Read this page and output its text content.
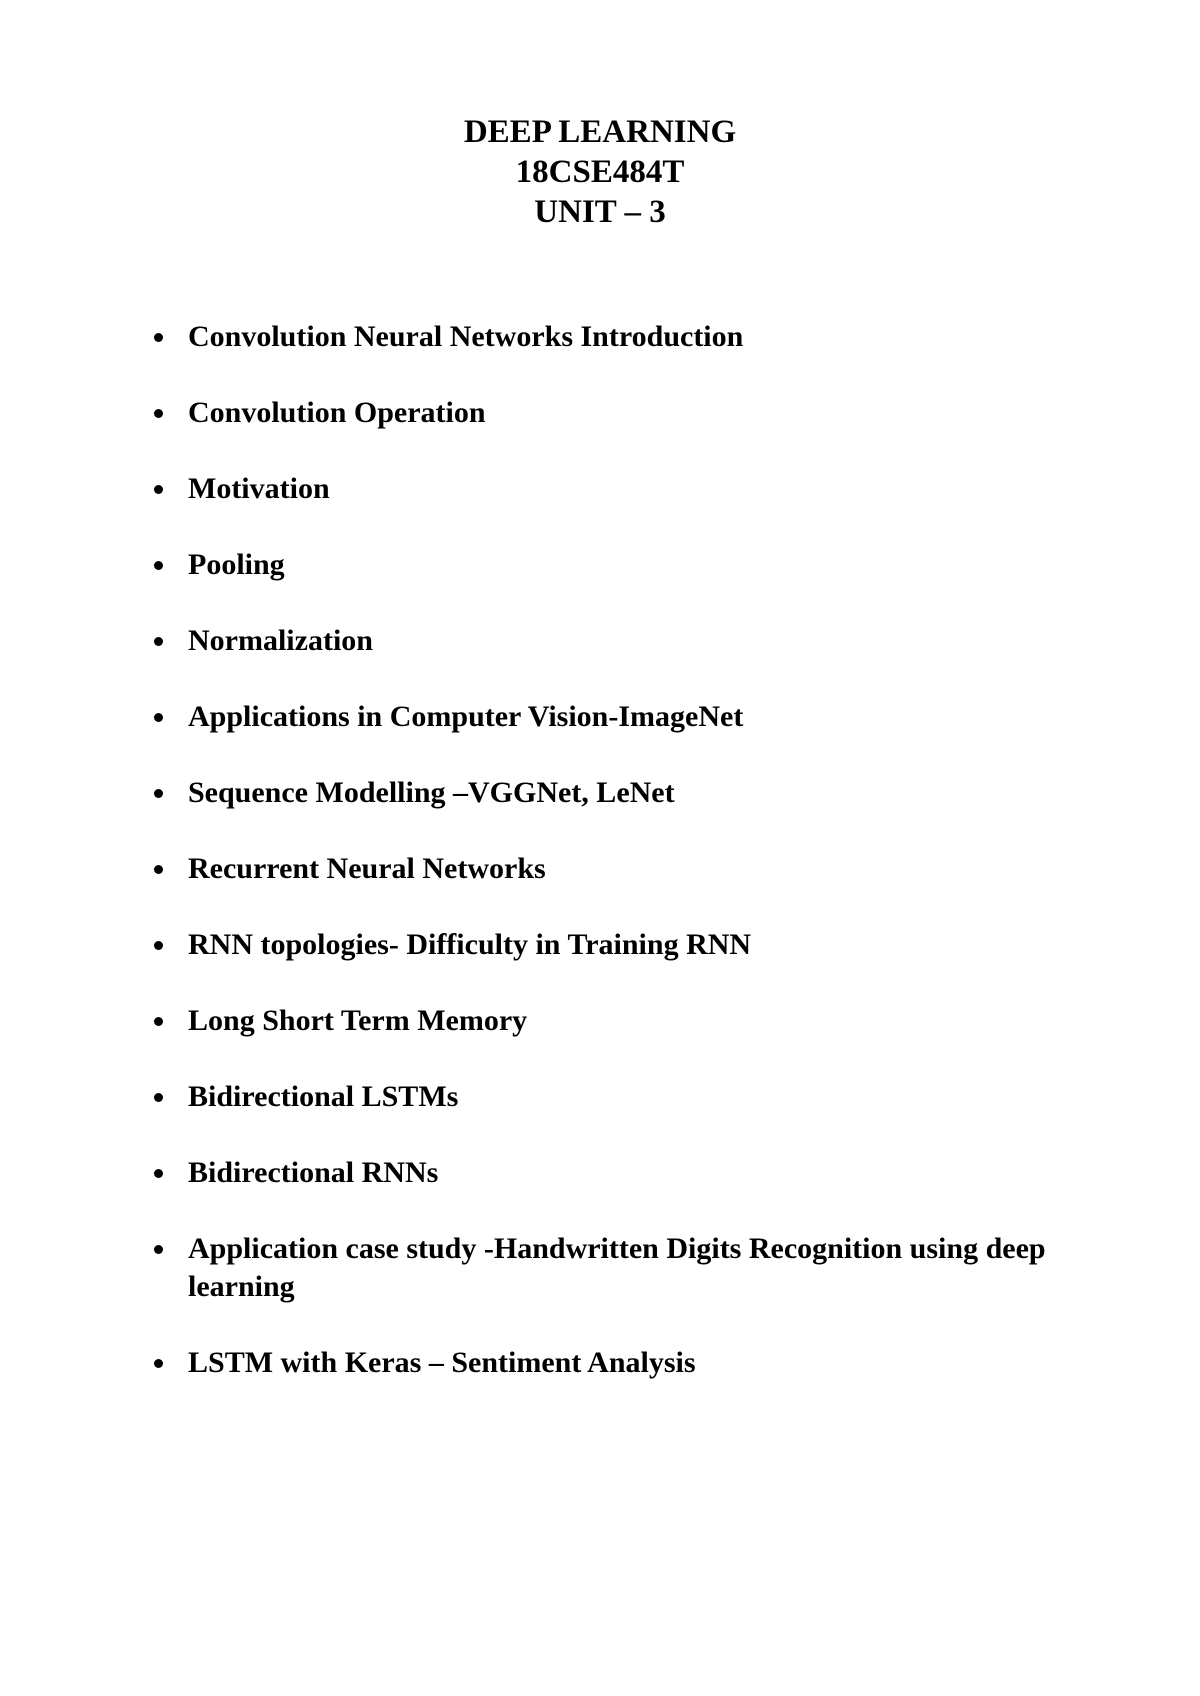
DEEP LEARNING
18CSE484T
UNIT – 3
Convolution Neural Networks Introduction
Convolution Operation
Motivation
Pooling
Normalization
Applications in Computer Vision-ImageNet
Sequence Modelling –VGGNet, LeNet
Recurrent Neural Networks
RNN topologies- Difficulty in Training RNN
Long Short Term Memory
Bidirectional LSTMs
Bidirectional RNNs
Application case study -Handwritten Digits Recognition using deep learning
LSTM with Keras – Sentiment Analysis
